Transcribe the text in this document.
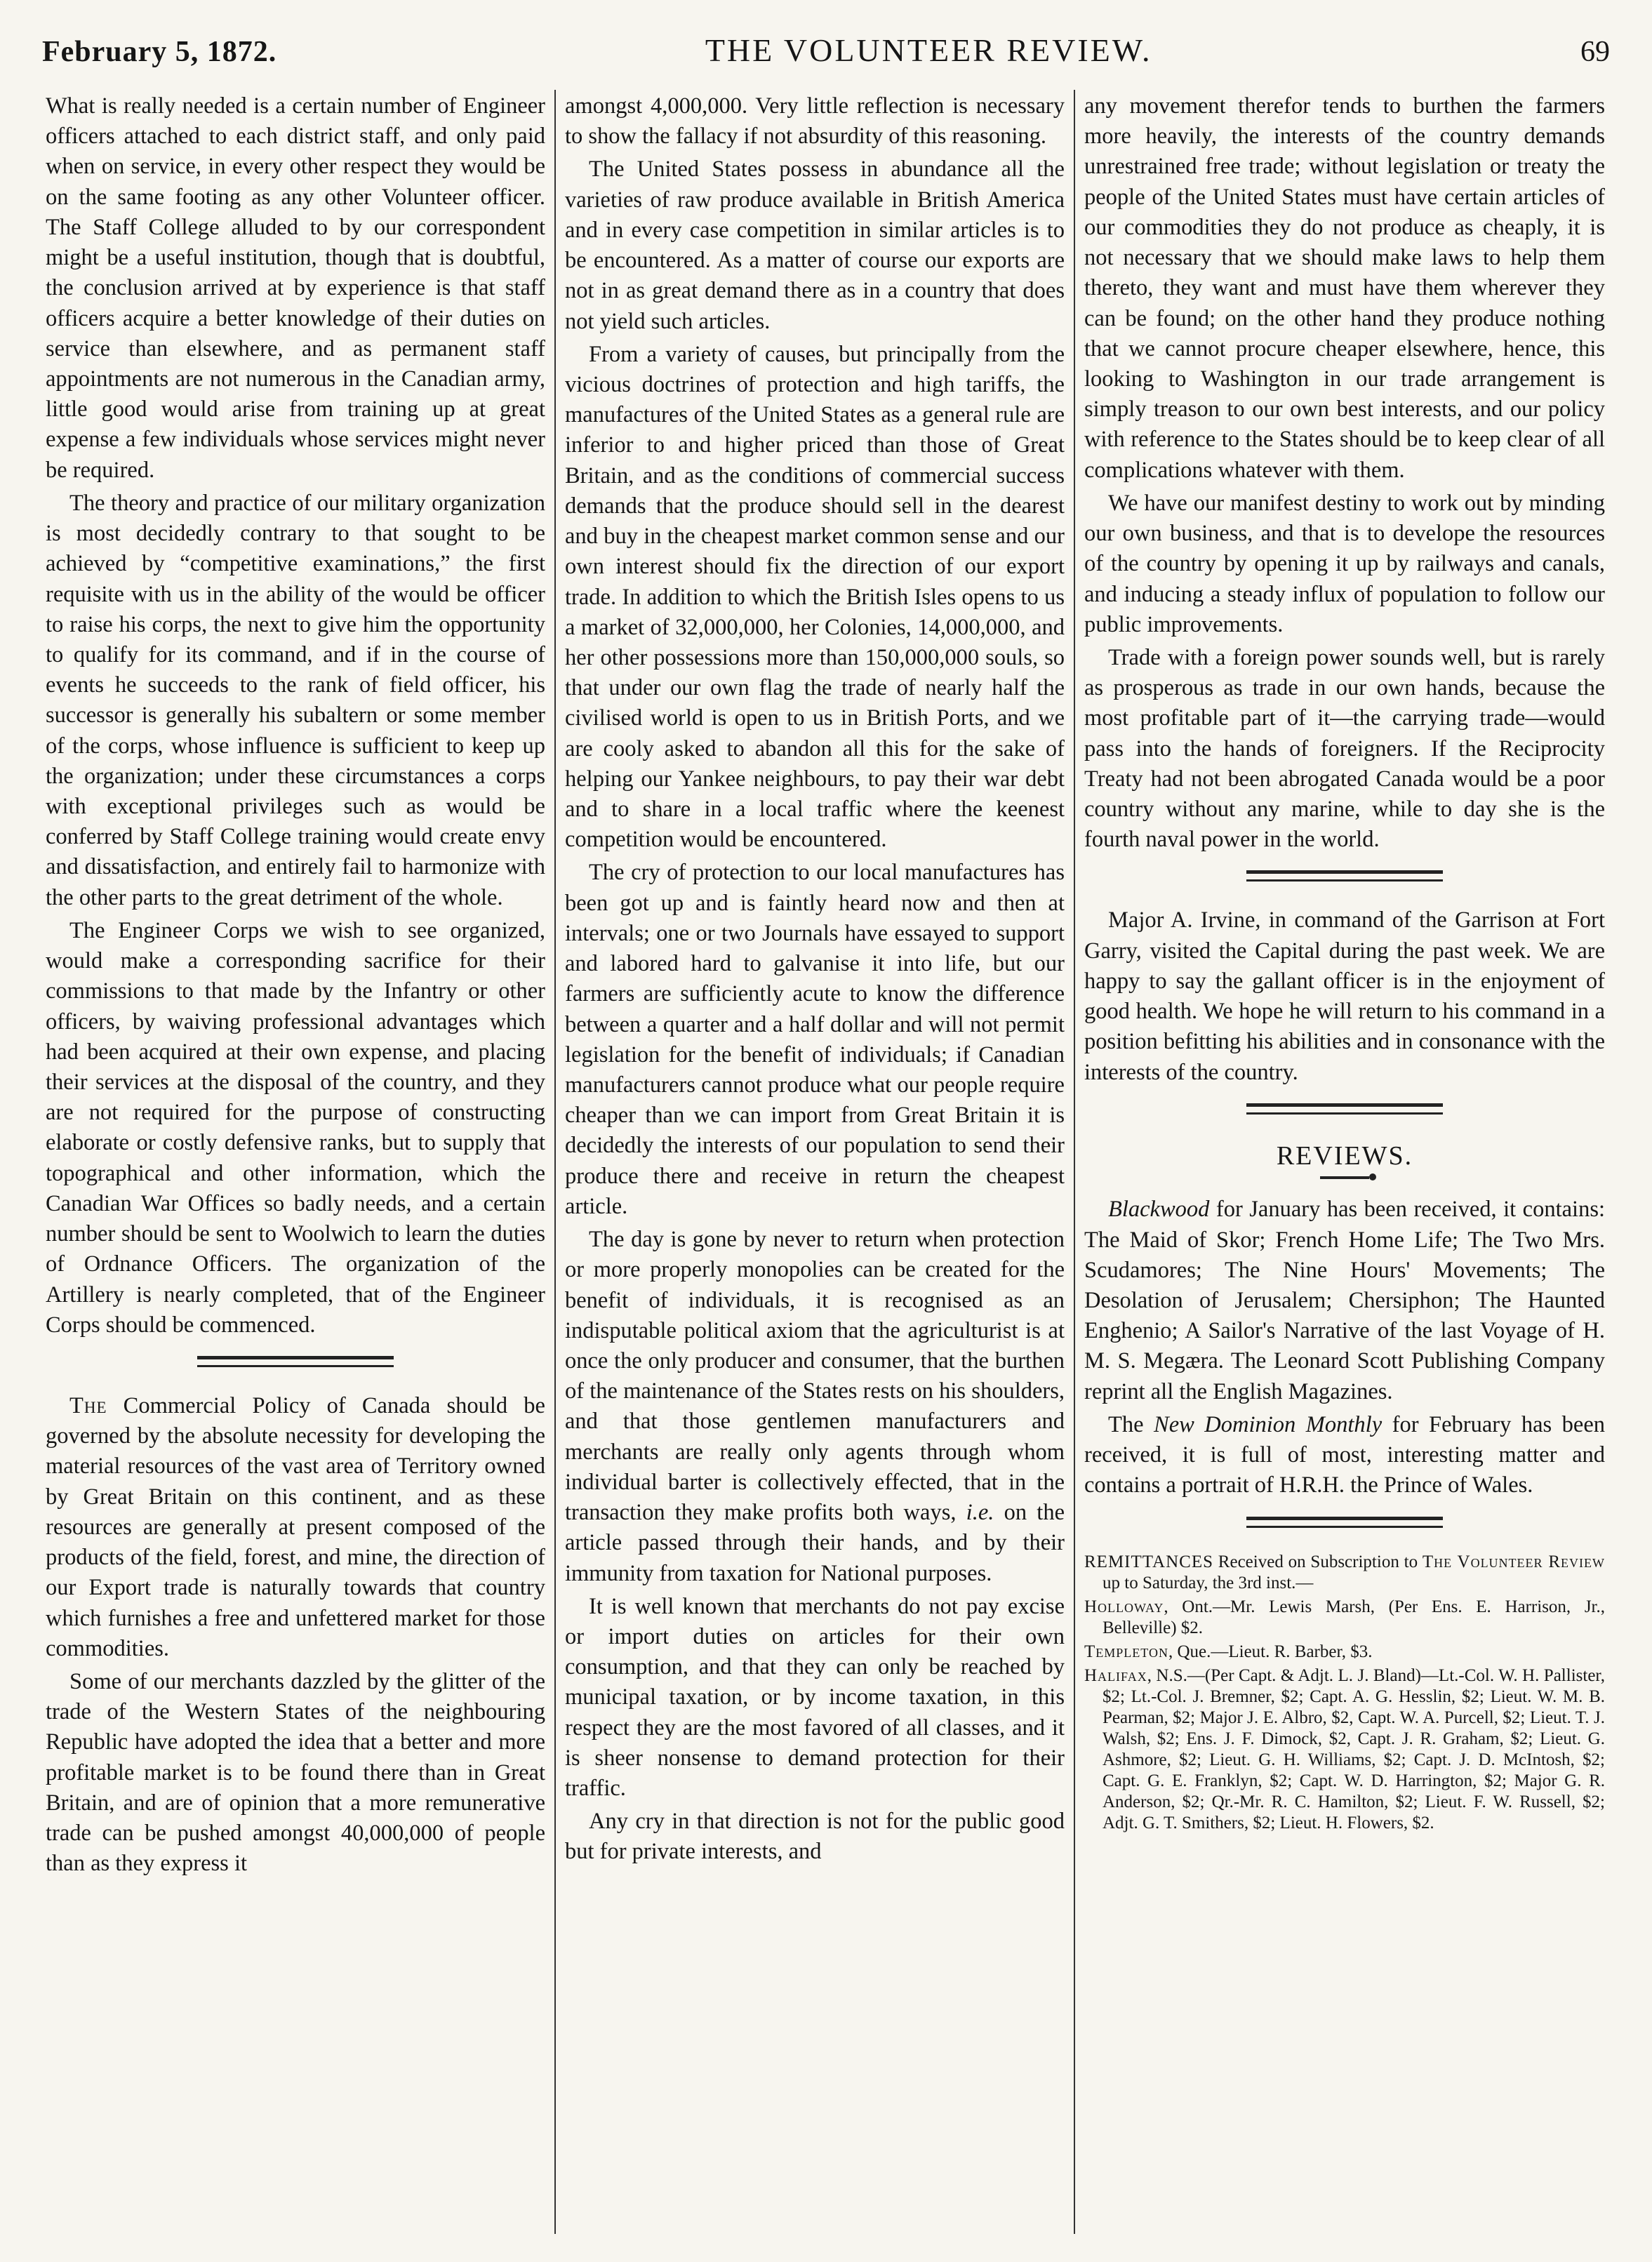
February 5, 1872.	THE VOLUNTEER REVIEW.	69

What is really needed is a certain number of Engineer officers attached to each district staff, and only paid when on service, in every other respect they would be on the same footing as any other Volunteer officer. The Staff College alluded to by our correspondent might be a useful institution, though that is doubtful, the conclusion arrived at by experience is that staff officers acquire a better knowledge of their duties on service than elsewhere, and as permanent staff appointments are not numerous in the Canadian army, little good would arise from training up at great expense a few individuals whose services might never be required.

The theory and practice of our military organization is most decidedly contrary to that sought to be achieved by “competitive examinations,” the first requisite with us in the ability of the would be officer to raise his corps, the next to give him the opportunity to qualify for its command, and if in the course of events he succeeds to the rank of field officer, his successor is generally his subaltern or some member of the corps, whose influence is sufficient to keep up the organization; under these circumstances a corps with exceptional privileges such as would be conferred by Staff College training would create envy and dissatisfaction, and entirely fail to harmonize with the other parts to the great detriment of the whole.

The Engineer Corps we wish to see organized, would make a corresponding sacrifice for their commissions to that made by the Infantry or other officers, by waiving professional advantages which had been acquired at their own expense, and placing their services at the disposal of the country, and they are not required for the purpose of constructing elaborate or costly defensive ranks, but to supply that topographical and other information, which the Canadian War Offices so badly needs, and a certain number should be sent to Woolwich to learn the duties of Ordnance Officers. The organization of the Artillery is nearly completed, that of the Engineer Corps should be commenced.

The Commercial Policy of Canada should be governed by the absolute necessity for developing the material resources of the vast area of Territory owned by Great Britain on this continent, and as these resources are generally at present composed of the products of the field, forest, and mine, the direction of our Export trade is naturally towards that country which furnishes a free and unfettered market for those commodities.

Some of our merchants dazzled by the glitter of the trade of the Western States of the neighbouring Republic have adopted the idea that a better and more profitable market is to be found there than in Great Britain, and are of opinion that a more remunerative trade can be pushed amongst 40,000,000 of people than as they express it

amongst 4,000,000. Very little reflection is necessary to show the fallacy if not absurdity of this reasoning.

The United States possess in abundance all the varieties of raw produce available in British America and in every case competition in similar articles is to be encountered. As a matter of course our exports are not in as great demand there as in a country that does not yield such articles.

From a variety of causes, but principally from the vicious doctrines of protection and high tariffs, the manufactures of the United States as a general rule are inferior to and higher priced than those of Great Britain, and as the conditions of commercial success demands that the produce should sell in the dearest and buy in the cheapest market common sense and our own interest should fix the direction of our export trade. In addition to which the British Isles opens to us a market of 32,000,000, her Colonies, 14,000,000, and her other possessions more than 150,000,000 souls, so that under our own flag the trade of nearly half the civilised world is open to us in British Ports, and we are cooly asked to abandon all this for the sake of helping our Yankee neighbours, to pay their war debt and to share in a local traffic where the keenest competition would be encountered.

The cry of protection to our local manufactures has been got up and is faintly heard now and then at intervals; one or two Journals have essayed to support and labored hard to galvanise it into life, but our farmers are sufficiently acute to know the difference between a quarter and a half dollar and will not permit legislation for the benefit of individuals; if Canadian manufacturers cannot produce what our people require cheaper than we can import from Great Britain it is decidedly the interests of our population to send their produce there and receive in return the cheapest article.

The day is gone by never to return when protection or more properly monopolies can be created for the benefit of individuals, it is recognised as an indisputable political axiom that the agriculturist is at once the only producer and consumer, that the burthen of the maintenance of the States rests on his shoulders, and that those gentlemen manufacturers and merchants are really only agents through whom individual barter is collectively effected, that in the transaction they make profits both ways, i.e. on the article passed through their hands, and by their immunity from taxation for National purposes.

It is well known that merchants do not pay excise or import duties on articles for their own consumption, and that they can only be reached by municipal taxation, or by income taxation, in this respect they are the most favored of all classes, and it is sheer nonsense to demand protection for their traffic.

Any cry in that direction is not for the public good but for private interests, and

any movement therefor tends to burthen the farmers more heavily, the interests of the country demands unrestrained free trade; without legislation or treaty the people of the United States must have certain articles of our commodities they do not produce as cheaply, it is not necessary that we should make laws to help them thereto, they want and must have them wherever they can be found; on the other hand they produce nothing that we cannot procure cheaper elsewhere, hence, this looking to Washington in our trade arrangement is simply treason to our own best interests, and our policy with reference to the States should be to keep clear of all complications whatever with them.

We have our manifest destiny to work out by minding our own business, and that is to develope the resources of the country by opening it up by railways and canals, and inducing a steady influx of population to follow our public improvements.

Trade with a foreign power sounds well, but is rarely as prosperous as trade in our own hands, because the most profitable part of it—the carrying trade—would pass into the hands of foreigners. If the Reciprocity Treaty had not been abrogated Canada would be a poor country without any marine, while to day she is the fourth naval power in the world.

Major A. Irvine, in command of the Garrison at Fort Garry, visited the Capital during the past week. We are happy to say the gallant officer is in the enjoyment of good health. We hope he will return to his command in a position befitting his abilities and in consonance with the interests of the country.

REVIEWS.

Blackwood for January has been received, it contains: The Maid of Skor; French Home Life; The Two Mrs. Scudamores; The Nine Hours' Movements; The Desolation of Jerusalem; Chersiphon; The Haunted Enghenio; A Sailor's Narrative of the last Voyage of H. M. S. Megæra. The Leonard Scott Publishing Company reprint all the English Magazines.

The New Dominion Monthly for February has been received, it is full of most, interesting matter and contains a portrait of H.R.H. the Prince of Wales.

REMITTANCES Received on Subscription to The Volunteer Review up to Saturday, the 3rd inst.—

Holloway, Ont.—Mr. Lewis Marsh, (Per Ens. E. Harrison, Jr., Belleville) $2.

Templeton, Que.—Lieut. R. Barber, $3.

Halifax, N.S.—(Per Capt. & Adjt. L. J. Bland)—Lt.-Col. W. H. Pallister, $2; Lt.-Col. J. Bremner, $2; Capt. A. G. Hesslin, $2; Lieut. W. M. B. Pearman, $2; Major J. E. Albro, $2, Capt. W. A. Purcell, $2; Lieut. T. J. Walsh, $2; Ens. J. F. Dimock, $2, Capt. J. R. Graham, $2; Lieut. G. Ashmore, $2; Lieut. G. H. Williams, $2; Capt. J. D. McIntosh, $2; Capt. G. E. Franklyn, $2; Capt. W. D. Harrington, $2; Major G. R. Anderson, $2; Qr.-Mr. R. C. Hamilton, $2; Lieut. F. W. Russell, $2; Adjt. G. T. Smithers, $2; Lieut. H. Flowers, $2.
